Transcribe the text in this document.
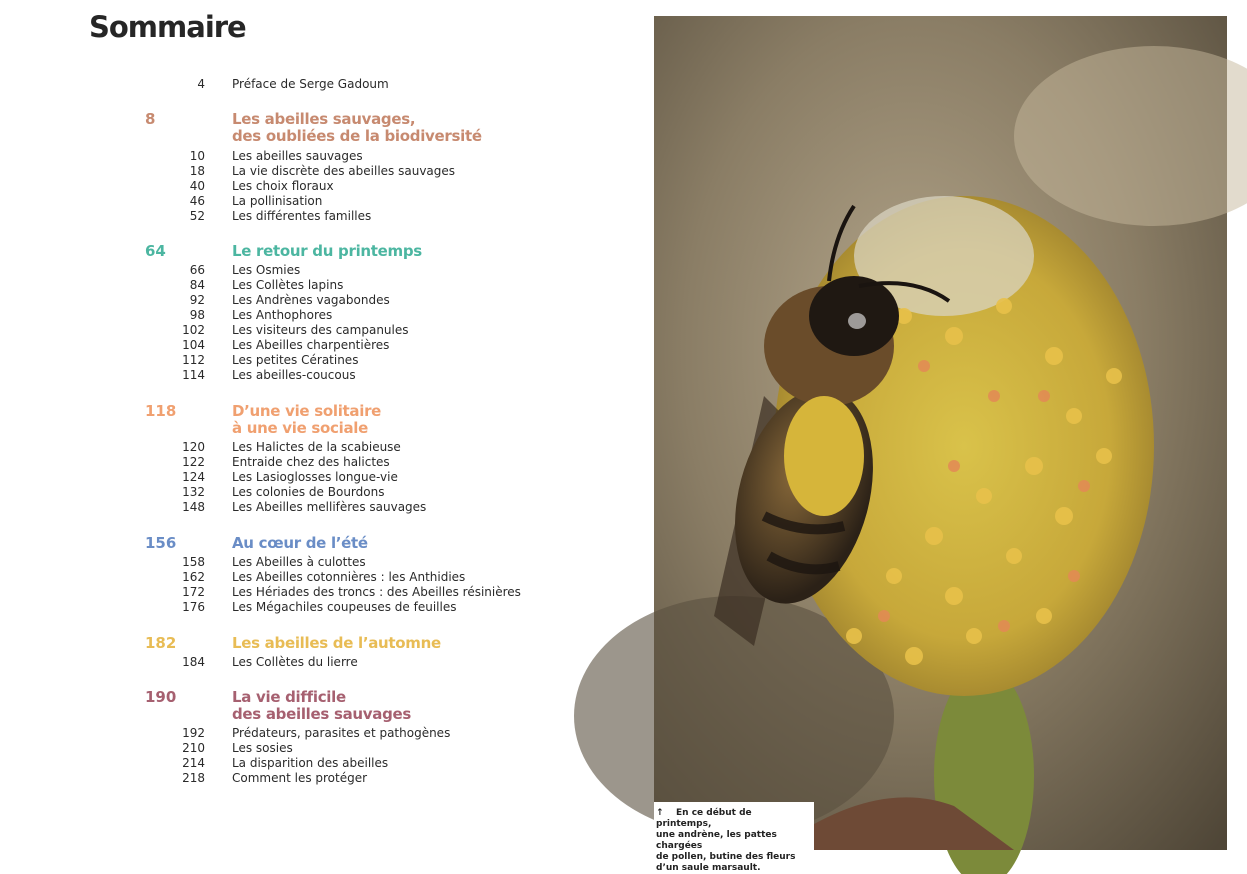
Sommaire
4 Préface de Serge Gadoum
8	Les abeilles sauvages,
des oubliées de la biodiversité
10 Les abeilles sauvages
18 La vie discrète des abeilles sauvages
40 Les choix floraux
46 La pollinisation
52 Les différentes familles
64	Le retour du printemps
66 Les Osmies
84 Les Collètes lapins
92 Les Andrènes vagabondes
98 Les Anthophores
102 Les visiteurs des campanules
104 Les Abeilles charpentières
112 Les petites Cératines
114 Les abeilles-coucous
118	D’une vie solitaire
à une vie sociale
120 Les Halictes de la scabieuse
122 Entraide chez des halictes
124 Les Lasioglosses longue-vie
132 Les colonies de Bourdons
148 Les Abeilles mellifères sauvages
156	Au cœur de l’été
158 Les Abeilles à culottes
162 Les Abeilles cotonnières : les Anthidies
172 Les Hériades des troncs : des Abeilles résinières
176 Les Mégachiles coupeuses de feuilles
182	Les abeilles de l’automne
184 Les Collètes du lierre
190	La vie difficile
des abeilles sauvages
192 Prédateurs, parasites et pathogènes
210 Les sosies
214 La disparition des abeilles
218 Comment les protéger
↑ En ce début de printemps,
une andrène, les pattes chargées
de pollen, butine des fleurs
d’un saule marsault.
